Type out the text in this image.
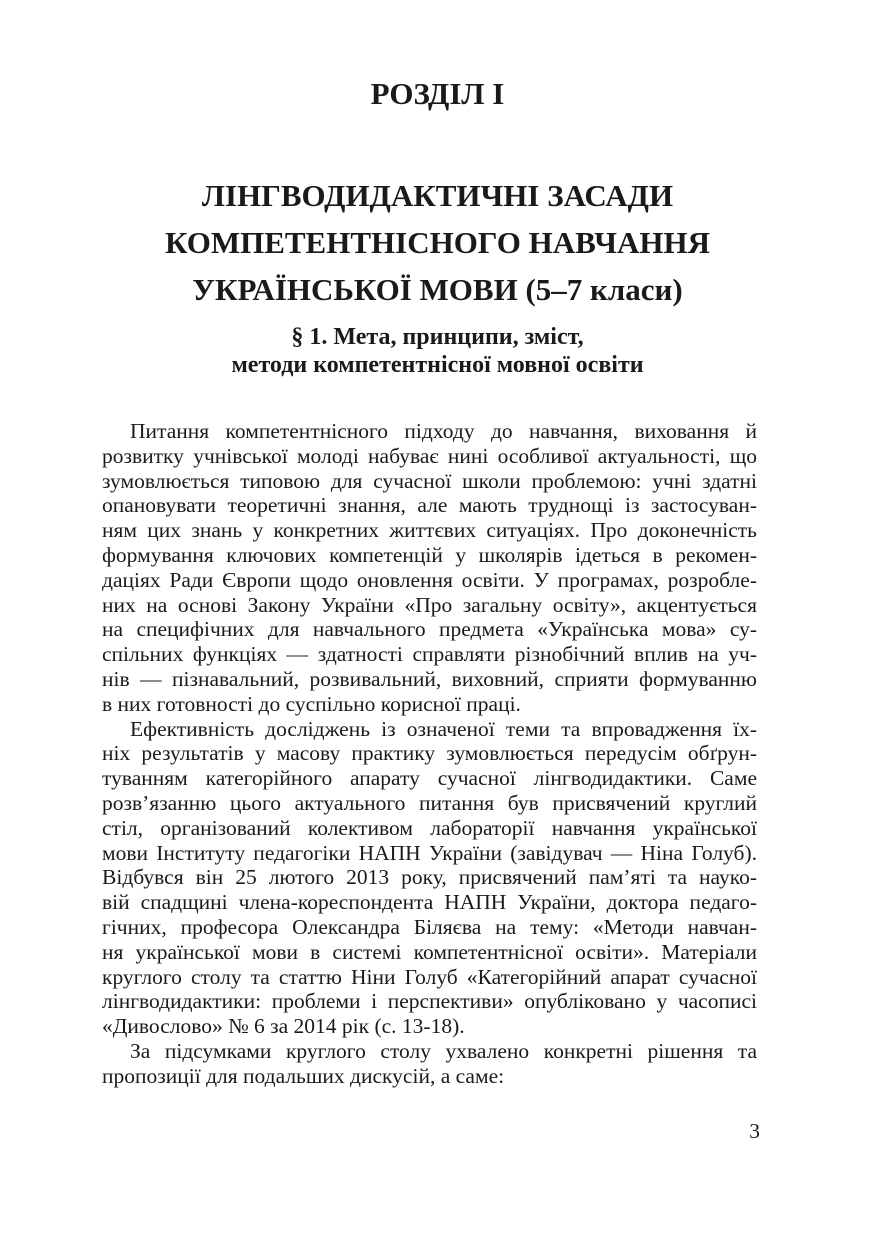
РОЗДІЛ І
ЛІНГВОДИДАКТИЧНІ ЗАСАДИ
КОМПЕТЕНТНІСНОГО НАВЧАННЯ
УКРАЇНСЬКОЇ МОВИ (5–7 класи)
§ 1. Мета, принципи, зміст,
методи компетентнісної мовної освіти
Питання компетентнісного підходу до навчання, виховання й
розвитку учнівської молоді набуває нині особливої актуальності, що
зумовлюється типовою для сучасної школи проблемою: учні здатні
опановувати теоретичні знання, але мають труднощі із застосуван-
ням цих знань у конкретних життєвих ситуаціях. Про доконечність
формування ключових компетенцій у школярів ідеться в рекомен-
даціях Ради Європи щодо оновлення освіти. У програмах, розробле-
них на основі Закону України «Про загальну освіту», акцентується
на специфічних для навчального предмета «Українська мова» су-
спільних функціях — здатності справляти різнобічний вплив на уч-
нів — пізнавальний, розвивальний, виховний, сприяти формуванню
в них готовності до суспільно корисної праці.
Ефективність досліджень із означеної теми та впровадження їх-
ніх результатів у масову практику зумовлюється передусім обґрун-
туванням категорійного апарату сучасної лінгводидактики. Саме
розв’язанню цього актуального питання був присвячений круглий
стіл, організований колективом лабораторії навчання української
мови Інституту педагогіки НАПН України (завідувач — Ніна Голуб).
Відбувся він 25 лютого 2013 року, присвячений пам’яті та науко-
вій спадщині члена-кореспондента НАПН України, доктора педаго-
гічних, професора Олександра Біляєва на тему: «Методи навчан-
ня української мови в системі компетентнісної освіти». Матеріали
круглого столу та статтю Ніни Голуб «Категорійний апарат сучасної
лінгводидактики: проблеми і перспективи» опубліковано у часописі
«Дивослово» № 6 за 2014 рік (с. 13-18).
За підсумками круглого столу ухвалено конкретні рішення та
пропозиції для подальших дискусій, а саме:
3
